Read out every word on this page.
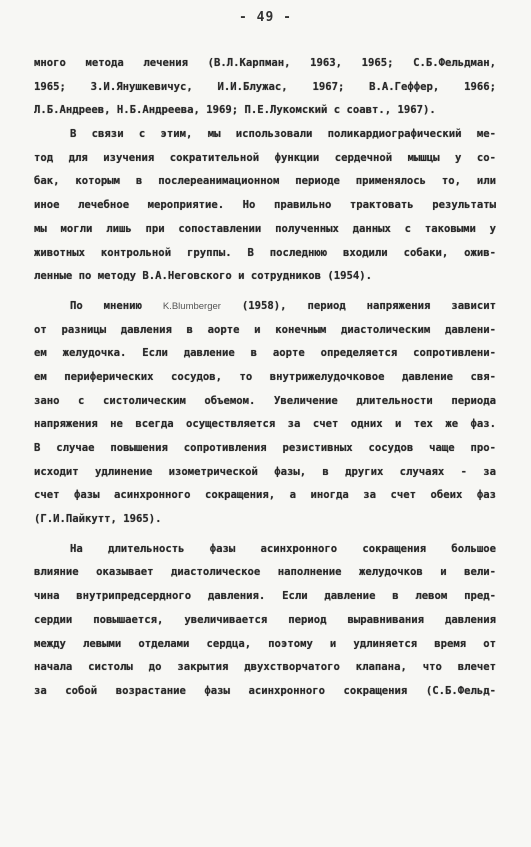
- 49 -
много метода лечения (В.Л.Карпман, 1963, 1965; С.Б.Фельдман,
1965; З.И.Янушкевичус, И.И.Блужас, 1967; В.А.Геффер, 1966;
Л.Б.Андреев, Н.Б.Андреева, 1969; П.Е.Лукомский с соавт., 1967).
В связи с этим, мы использовали поликардиографический ме-
тод для изучения сократительной функции сердечной мышцы у со-
бак, которым в послереанимационном периоде применялось то, или
иное лечебное мероприятие. Но правильно трактовать результаты
мы могли лишь при сопоставлении полученных данных с таковыми у
животных контрольной группы. В последнюю входили собаки, ожив-
ленные по методу В.А.Неговского и сотрудников (1954).
По мнению K.Blumberger (1958), период напряжения зависит
от разницы давления в аорте и конечным диастолическим давлени-
ем желудочка. Если давление в аорте определяется сопротивлени-
ем периферических сосудов, то внутрижелудочковое давление свя-
зано с систолическим объемом. Увеличение длительности периода
напряжения не всегда осуществляется за счет одних и тех же фаз.
В случае повышения сопротивления резистивных сосудов чаще про-
исходит удлинение изометрической фазы, в других случаях - за
счет фазы асинхронного сокращения, а иногда за счет обеих фаз
(Г.И.Пайкутт, 1965).
На длительность фазы асинхронного сокращения большое
влияние оказывает диастолическое наполнение желудочков и вели-
чина внутрипредсердного давления. Если давление в левом пред-
сердии повышается, увеличивается период выравнивания давления
между левыми отделами сердца, поэтому и удлиняется время от
начала систолы до закрытия двухстворчатого клапана, что влечет
за собой возрастание фазы асинхронного сокращения (С.Б.Фельд-
